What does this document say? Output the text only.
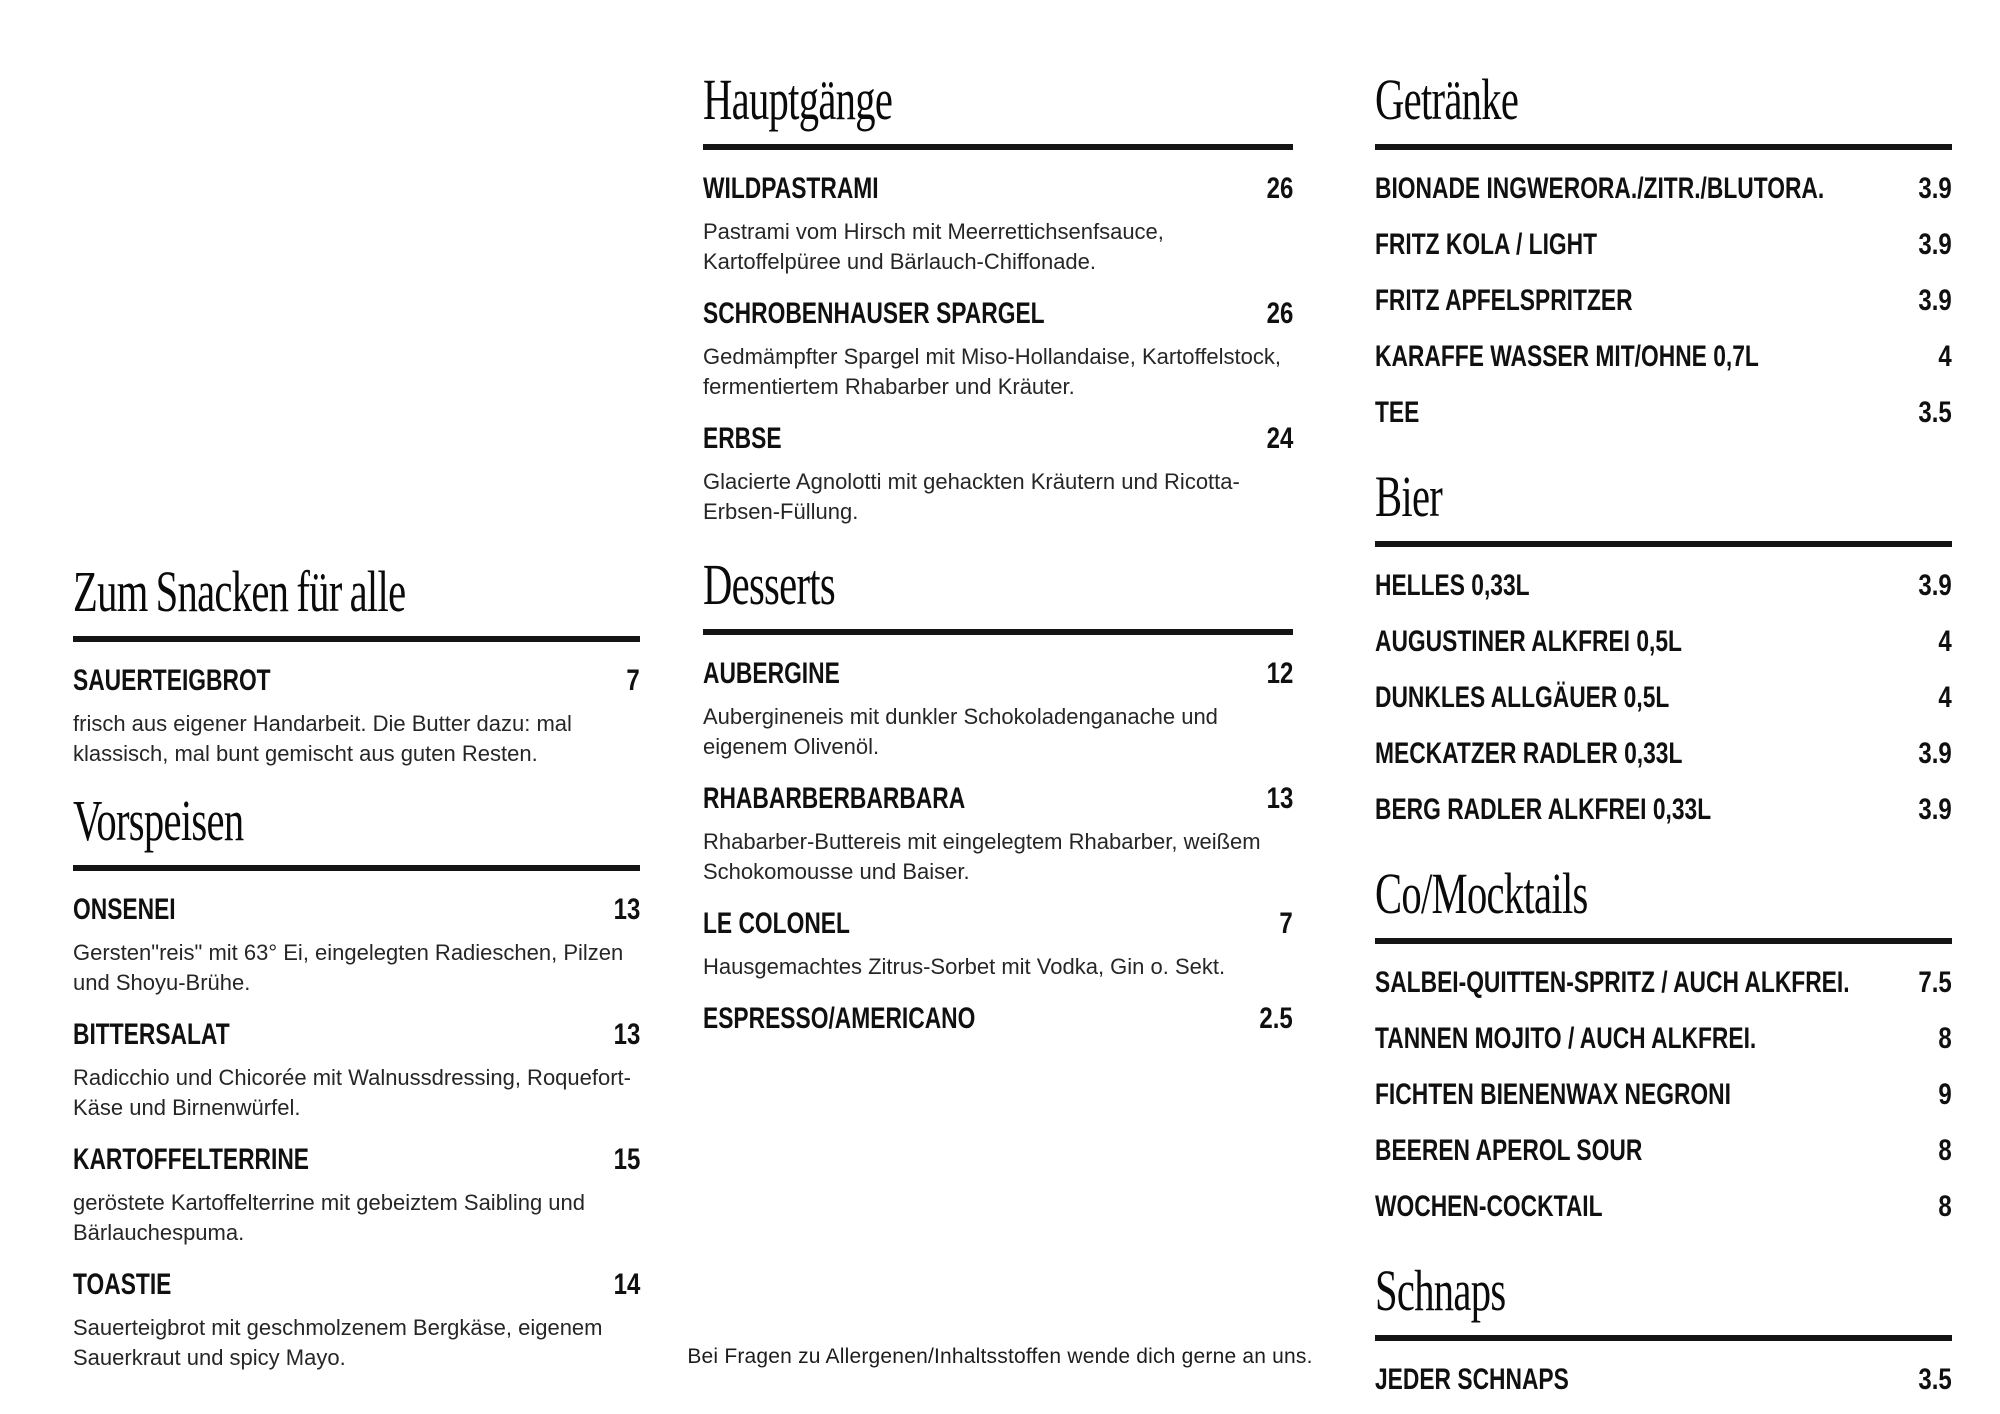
Zum Snacken für alle
SAUERTEIGBROT	7

frisch aus eigener Handarbeit. Die Butter dazu: mal klassisch, mal bunt gemischt aus guten Resten.

Vorspeisen
ONSENEI	13

Gersten"reis" mit 63° Ei, eingelegten Radieschen, Pilzen und Shoyu-Brühe.

BITTERSALAT	13

Radicchio und Chicorée mit Walnussdressing, Roquefort-Käse und Birnenwürfel.

KARTOFFELTERRINE	15

geröstete Kartoffelterrine mit gebeiztem Saibling und Bärlauchespuma.

TOASTIE	14

Sauerteigbrot mit geschmolzenem Bergkäse, eigenem Sauerkraut und spicy Mayo.

Hauptgänge
WILDPASTRAMI	26

Pastrami vom Hirsch mit Meerrettichsenfsauce, Kartoffelpüree und Bärlauch-Chiffonade.

SCHROBENHAUSER SPARGEL	26

Gedmämpfter Spargel mit Miso-Hollandaise, Kartoffelstock, fermentiertem Rhabarber und Kräuter.

ERBSE	24

Glacierte Agnolotti mit gehackten Kräutern und Ricotta-Erbsen-Füllung.

Desserts
AUBERGINE	12

Aubergineneis mit dunkler Schokoladenganache und eigenem Olivenöl.

RHABARBERBARBARA	13

Rhabarber-Buttereis mit eingelegtem Rhabarber, weißem Schokomousse und Baiser.

LE COLONEL	7

Hausgemachtes Zitrus-Sorbet mit Vodka, Gin o. Sekt.

ESPRESSO/AMERICANO	2.5
Getränke
BIONADE INGWERORA./ZITR./BLUTORA.	3.9
FRITZ KOLA / LIGHT	3.9
FRITZ APFELSPRITZER	3.9
KARAFFE WASSER MIT/OHNE 0,7L	4
TEE	3.5
Bier
HELLES 0,33L	3.9
AUGUSTINER ALKFREI 0,5L	4
DUNKLES ALLGÄUER 0,5L	4
MECKATZER RADLER 0,33L	3.9
BERG RADLER ALKFREI 0,33L	3.9
Co/Mocktails
SALBEI-QUITTEN-SPRITZ / AUCH ALKFREI. 7.5
TANNEN MOJITO / AUCH ALKFREI.	8
FICHTEN BIENENWAX NEGRONI	9
BEEREN APEROL SOUR	8
WOCHEN-COCKTAIL	8
Schnaps
JEDER SCHNAPS	3.5
Bei Fragen zu Allergenen/Inhaltsstoffen wende dich gerne an uns.
